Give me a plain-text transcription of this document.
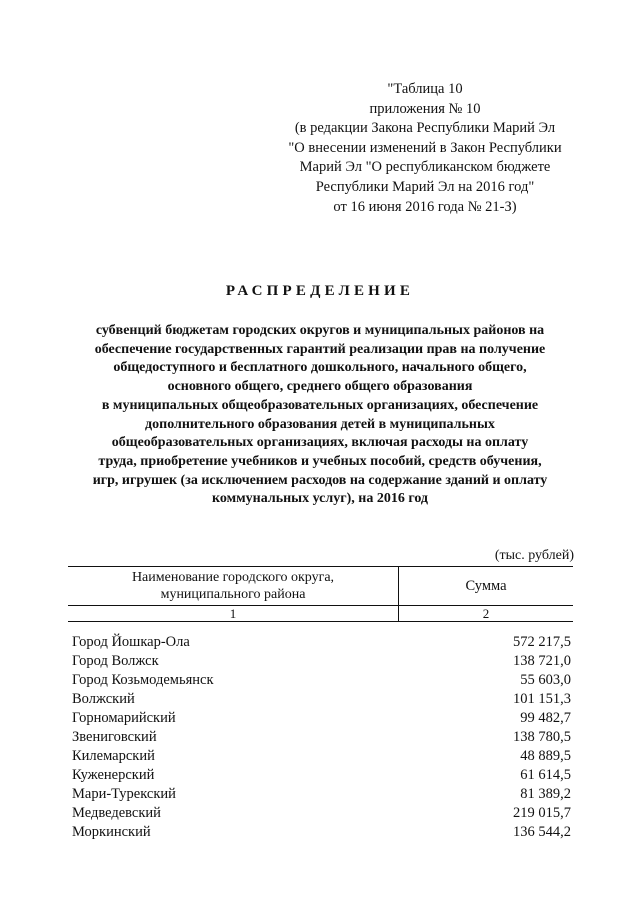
"Таблица 10
приложения № 10
(в редакции Закона Республики Марий Эл
"О внесении изменений в Закон Республики
Марий Эл "О республиканском бюджете
Республики Марий Эл на 2016 год"
от 16 июня 2016 года № 21-З)
РАСПРЕДЕЛЕНИЕ
субвенций бюджетам городских округов и муниципальных районов на
обеспечение государственных гарантий реализации прав на получение
общедоступного и бесплатного дошкольного, начального общего,
основного общего, среднего общего образования
в муниципальных общеобразовательных организациях, обеспечение
дополнительного образования детей в муниципальных
общеобразовательных организациях, включая расходы на оплату
труда, приобретение учебников и учебных пособий, средств обучения,
игр, игрушек (за исключением расходов на содержание зданий и оплату
коммунальных услуг), на 2016 год
(тыс. рублей)
Наименование городского округа,
муниципального района
Сумма
1	2
Город Йошкар-Ола	572 217,5
Город Волжск	138 721,0
Город Козьмодемьянск	55 603,0
Волжский	101 151,3
Горномарийский	99 482,7
Звениговский	138 780,5
Килемарский	48 889,5
Куженерский	61 614,5
Мари-Турекский	81 389,2
Медведевский	219 015,7
Моркинский	136 544,2
